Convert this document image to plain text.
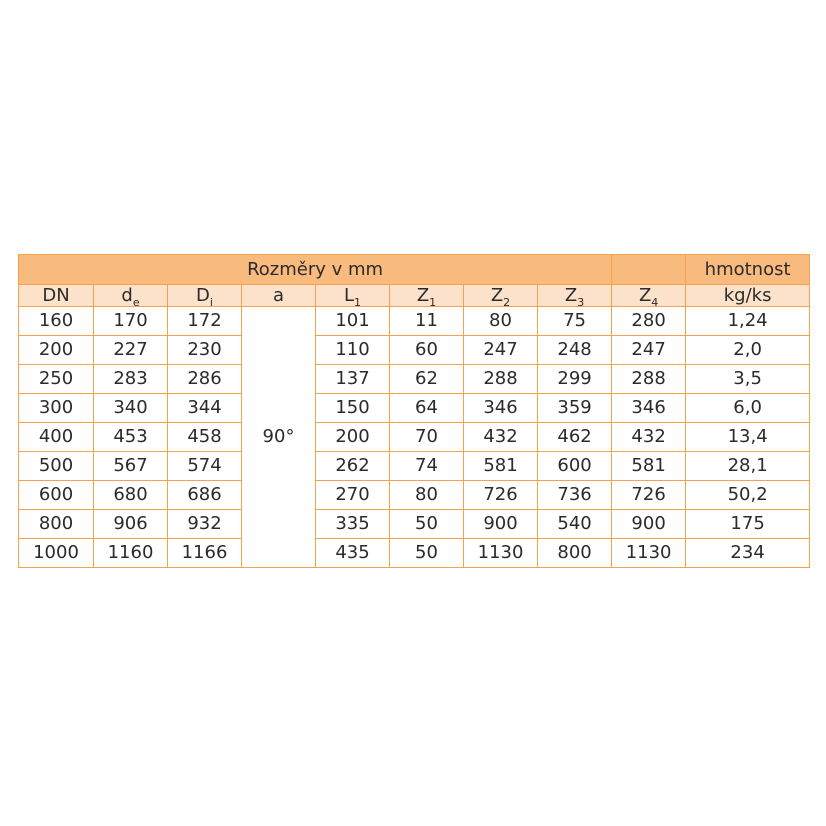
Rozměry v mm									hmotnost
DN	$d_e$	$D_i$	a	$L_1$	$Z_1$	$Z_2$	$Z_3$	$Z_4$	kg/ks
160	170	172	90°	101	11	80	75	280	1,24
200	227	230		110	60	247	248	247	2,0
250	283	286		137	62	288	299	288	3,5
300	340	344		150	64	346	359	346	6,0
400	453	458		200	70	432	462	432	13,4
500	567	574		262	74	581	600	581	28,1
600	680	686		270	80	726	736	726	50,2
800	906	932		335	50	900	540	900	175
1000	1160	1166		435	50	1130	800	1130	234
